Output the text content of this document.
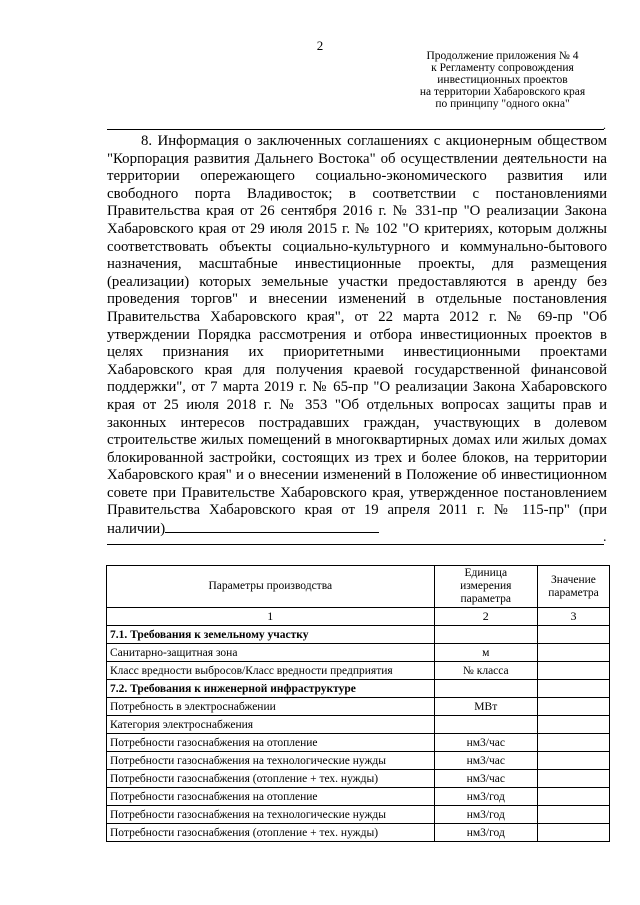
2
Продолжение приложения № 4
к Регламенту сопровождения
инвестиционных проектов
на территории Хабаровского края
по принципу "одного окна"
.
8. Информация о заключенных соглашениях с акционерным обществом "Корпорация развития Дальнего Востока" об осуществлении деятельности на территории опережающего социально-экономического развития или свободного порта Владивосток; в соответствии с постановлениями Правительства края от 26 сентября 2016 г. № 331-пр "О реализации Закона Хабаровского края от 29 июля 2015 г. № 102 "О критериях, которым должны соответствовать объекты социально-культурного и коммунально-бытового назначения, масштабные инвестиционные проекты, для размещения (реализации) которых земельные участки предоставляются в аренду без проведения торгов" и внесении изменений в отдельные постановления Правительства Хабаровского края", от 22 марта 2012 г. № 69-пр "Об утверждении Порядка рассмотрения и отбора инвестиционных проектов в целях признания их приоритетными инвестиционными проектами Хабаровского края для получения краевой государственной финансовой поддержки", от 7 марта 2019 г. № 65-пр "О реализации Закона Хабаровского края от 25 июля 2018 г. № 353 "Об отдельных вопросах защиты прав и законных интересов пострадавших граждан, участвующих в долевом строительстве жилых помещений в многоквартирных домах или жилых домах блокированной застройки, состоящих из трех и более блоков, на территории Хабаровского края" и о внесении изменений в Положение об инвестиционном совете при Правительстве Хабаровского края, утвержденное постановлением Правительства Хабаровского края от 19 апреля 2011 г. № 115-пр" (при наличии)
.
Параметры производства	Единица измерения параметра	Значение параметра
1	2	3
7.1. Требования к земельному участку		
Санитарно-защитная зона	м	
Класс вредности выбросов/Класс вредности предприятия	№ класса	
7.2. Требования к инженерной инфраструктуре		
Потребность в электроснабжении	МВт	
Категория электроснабжения		
Потребности газоснабжения на отопление	нм3/час	
Потребности газоснабжения на технологические нужды	нм3/час	
Потребности газоснабжения (отопление + тех. нужды)	нм3/час	
Потребности газоснабжения на отопление	нм3/год	
Потребности газоснабжения на технологические нужды	нм3/год	
Потребности газоснабжения (отопление + тех. нужды)	нм3/год	
